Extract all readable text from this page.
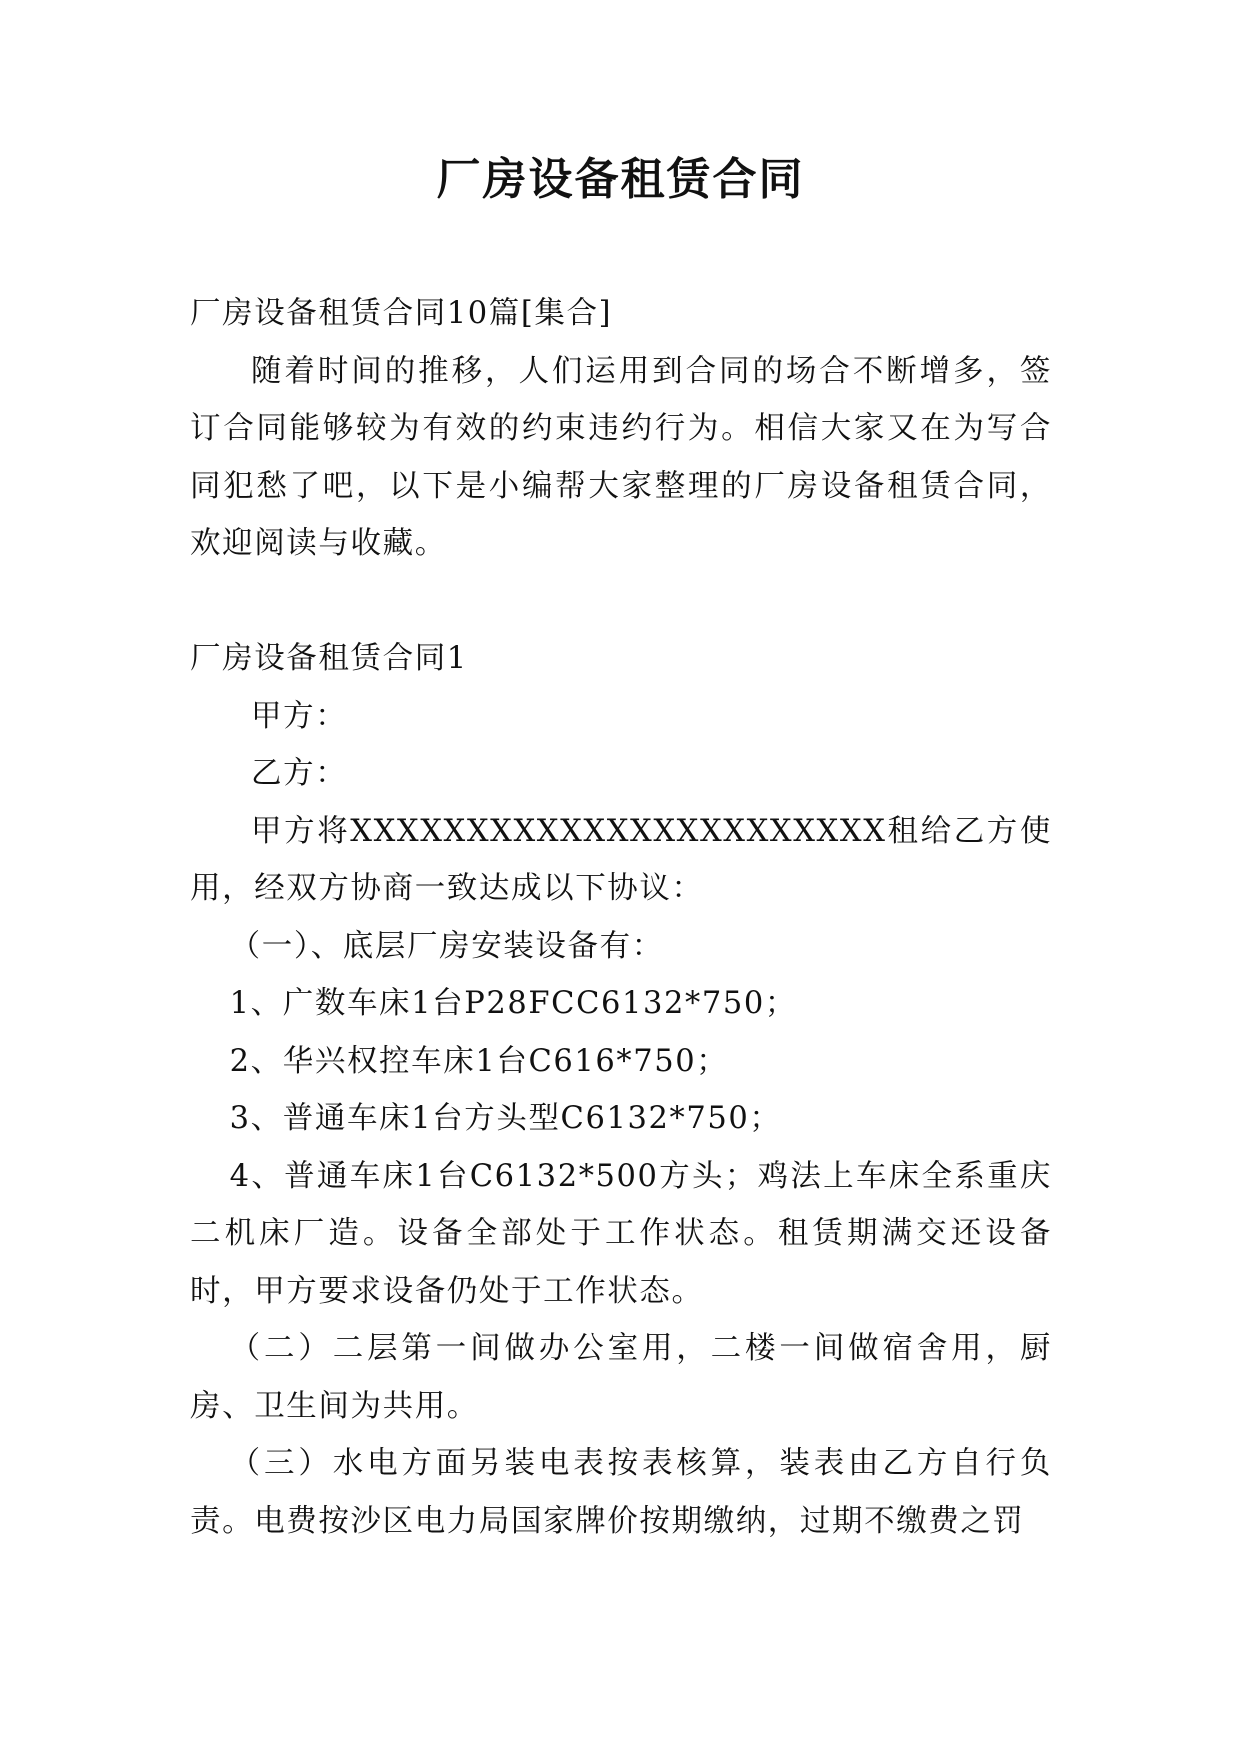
厂房设备租赁合同

厂房设备租赁合同10篇[集合]

随着时间的推移，人们运用到合同的场合不断增多，签订合同能够较为有效的约束违约行为。相信大家又在为写合同犯愁了吧，以下是小编帮大家整理的厂房设备租赁合同，欢迎阅读与收藏。

厂房设备租赁合同1

甲方：

乙方：

甲方将XXXXXXXXXXXXXXXXXXXXXXX租给乙方使用，经双方协商一致达成以下协议：

（一）、底层厂房安装设备有：

1、广数车床1台P28FCC6132*750；

2、华兴权控车床1台C616*750；

3、普通车床1台方头型C6132*750；

4、普通车床1台C6132*500方头；鸡法上车床全系重庆二机床厂造。设备全部处于工作状态。租赁期满交还设备时，甲方要求设备仍处于工作状态。

（二）二层第一间做办公室用，二楼一间做宿舍用，厨房、卫生间为共用。

（三）水电方面另装电表按表核算，装表由乙方自行负责。电费按沙区电力局国家牌价按期缴纳，过期不缴费之罚
